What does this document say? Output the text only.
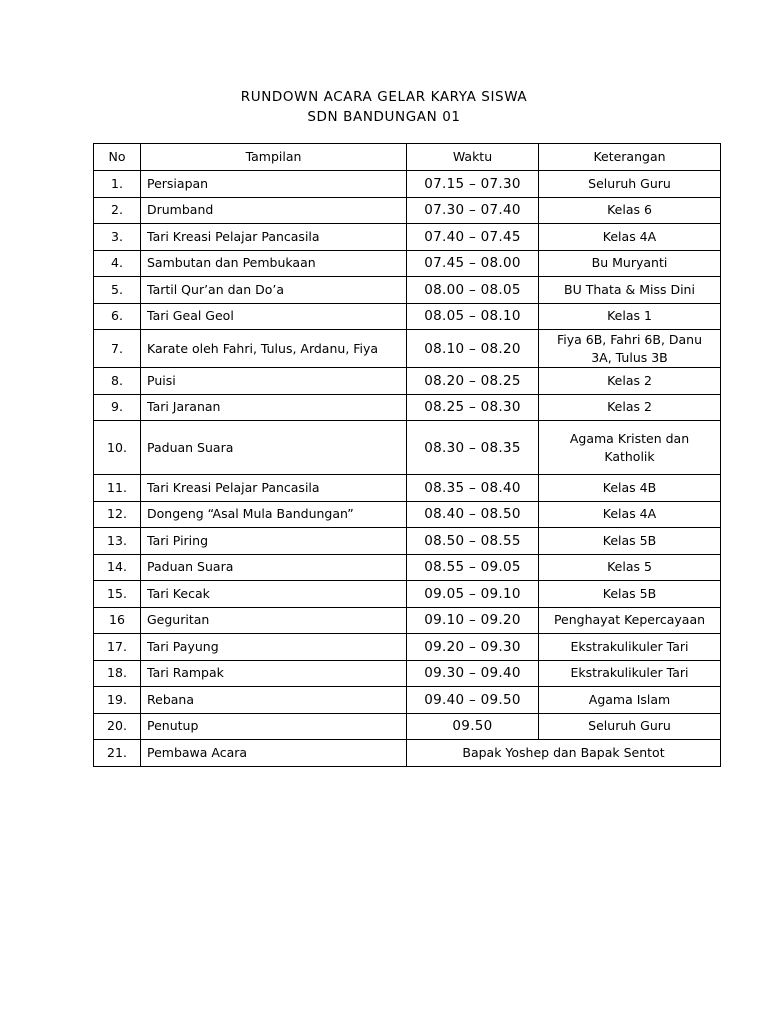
RUNDOWN ACARA GELAR KARYA SISWA
SDN BANDUNGAN 01
No	Tampilan	Waktu	Keterangan
1.	Persiapan	07.15 – 07.30	Seluruh Guru
2.	Drumband	07.30 – 07.40	Kelas 6
3.	Tari Kreasi Pelajar Pancasila	07.40 – 07.45	Kelas 4A
4.	Sambutan dan Pembukaan	07.45 – 08.00	Bu Muryanti
5.	Tartil Qur’an dan Do’a	08.00 – 08.05	BU Thata & Miss Dini
6.	Tari Geal Geol	08.05 – 08.10	Kelas 1
7.	Karate oleh Fahri, Tulus, Ardanu, Fiya	08.10 – 08.20	Fiya 6B, Fahri 6B, Danu 3A, Tulus 3B
8.	Puisi	08.20 – 08.25	Kelas 2
9.	Tari Jaranan	08.25 – 08.30	Kelas 2
10.	Paduan Suara	08.30 – 08.35	Agama Kristen dan Katholik
11.	Tari Kreasi Pelajar Pancasila	08.35 – 08.40	Kelas 4B
12.	Dongeng “Asal Mula Bandungan”	08.40 – 08.50	Kelas 4A
13.	Tari Piring	08.50 – 08.55	Kelas 5B
14.	Paduan Suara	08.55 – 09.05	Kelas 5
15.	Tari Kecak	09.05 – 09.10	Kelas 5B
16	Geguritan	09.10 – 09.20	Penghayat Kepercayaan
17.	Tari Payung	09.20 – 09.30	Ekstrakulikuler Tari
18.	Tari Rampak	09.30 – 09.40	Ekstrakulikuler Tari
19.	Rebana	09.40 – 09.50	Agama Islam
20.	Penutup	09.50	Seluruh Guru
21.	Pembawa Acara	Bapak Yoshep dan Bapak Sentot	
